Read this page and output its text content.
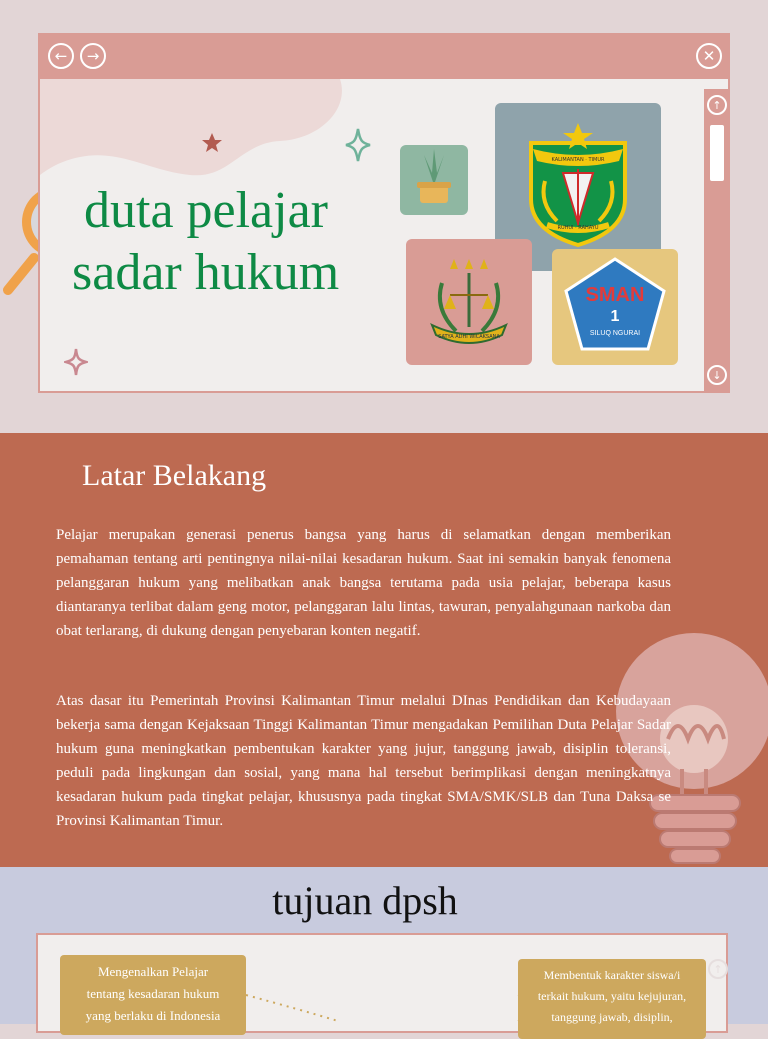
←	→	✕
KALIMANTAN · TIMUR
RUHUI · RAHAYU
SATYA ADHI WICAKSANA
SMAN
1
SILUQ NGURAI
↑
↓
duta pelajar
sadar hukum
Latar Belakang

Pelajar merupakan generasi penerus bangsa yang harus di selamatkan dengan memberikan pemahaman tentang arti pentingnya nilai-nilai kesadaran hukum. Saat ini semakin banyak fenomena pelanggaran hukum yang melibatkan anak bangsa terutama pada usia pelajar, beberapa kasus diantaranya terlibat dalam geng motor, pelanggaran lalu lintas, tawuran, penyalahgunaan narkoba dan obat terlarang, di dukung dengan penyebaran konten negatif.

Atas dasar itu Pemerintah Provinsi Kalimantan Timur melalui DInas Pendidikan dan Kebudayaan bekerja sama dengan Kejaksaan Tinggi Kalimantan Timur mengadakan Pemilihan Duta Pelajar Sadar hukum guna meningkatkan pembentukan karakter yang jujur, tanggung jawab, disiplin toleransi, peduli pada lingkungan dan sosial, yang mana hal tersebut berimplikasi dengan meningkatnya kesadaran hukum pada tingkat pelajar, khususnya pada tingkat SMA/SMK/SLB dan Tuna Daksa se Provinsi Kalimantan Timur.

tujuan dpsh
Mengenalkan Pelajar
tentang kesadaran hukum
yang berlaku di Indonesia
Membentuk karakter siswa/i
terkait hukum, yaitu kejujuran,
tanggung jawab, disiplin,
↑
